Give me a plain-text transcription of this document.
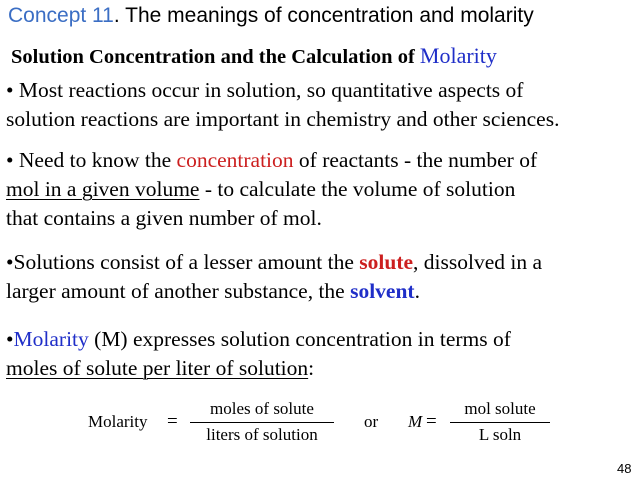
Concept 11. The meanings of concentration and molarity
Solution Concentration and the Calculation of Molarity
• Most reactions occur in solution, so quantitative aspects of
solution reactions are important in chemistry and other sciences.
• Need to know the concentration of reactants - the number of
mol in a given volume - to calculate the volume of solution
that contains a given number of mol.
•Solutions consist of a lesser amount the solute, dissolved in a
larger amount of another substance, the solvent.
•Molarity (M) expresses solution concentration in terms of
moles of solute per liter of solution:
Molarity =
moles of solute
liters of solution
or M =
mol solute
L soln
48
